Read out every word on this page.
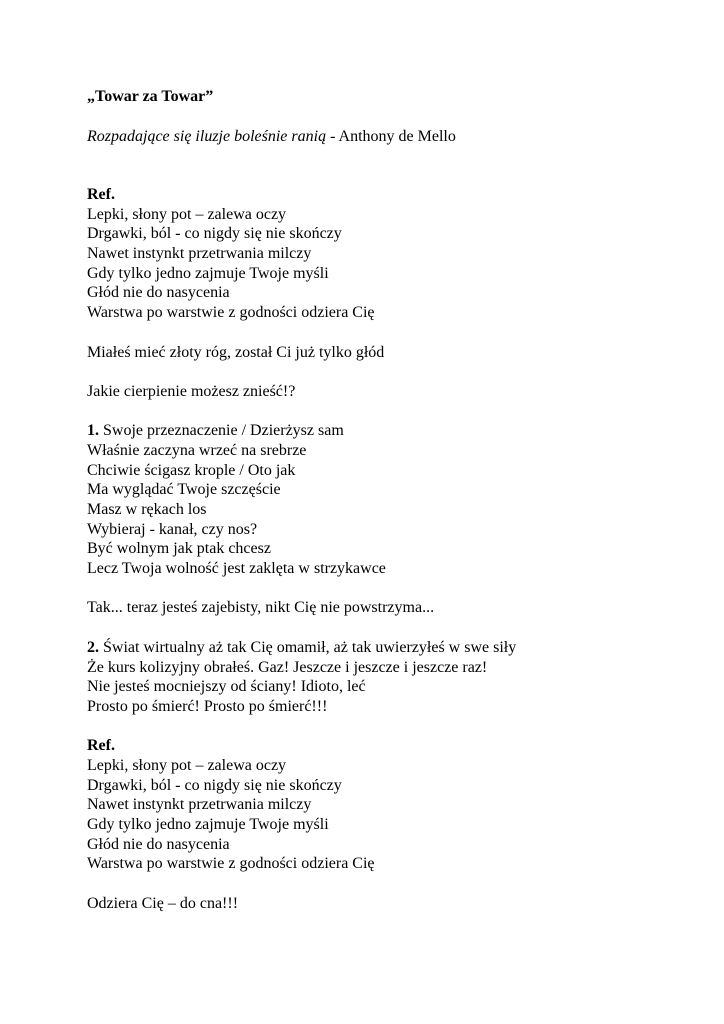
„Towar za Towar”
Rozpadające się iluzje boleśnie ranią - Anthony de Mello
Ref.
Lepki, słony pot – zalewa oczy
Drgawki, ból - co nigdy się nie skończy
Nawet instynkt przetrwania milczy
Gdy tylko jedno zajmuje Twoje myśli
Głód nie do nasycenia
Warstwa po warstwie z godności odziera Cię
Miałeś mieć złoty róg, został Ci już tylko głód
Jakie cierpienie możesz znieść!?
1. Swoje przeznaczenie / Dzierżysz sam
Właśnie zaczyna wrzeć na srebrze
Chciwie ścigasz krople / Oto jak
Ma wyglądać Twoje szczęście
Masz w rękach los
Wybieraj - kanał, czy nos?
Być wolnym jak ptak chcesz
Lecz Twoja wolność jest zaklęta w strzykawce
Tak... teraz jesteś zajebisty, nikt Cię nie powstrzyma...
2. Świat wirtualny aż tak Cię omamił, aż tak uwierzyłeś w swe siły
Że kurs kolizyjny obrałeś. Gaz! Jeszcze i jeszcze i jeszcze raz!
Nie jesteś mocniejszy od ściany! Idioto, leć
Prosto po śmierć! Prosto po śmierć!!!
Ref.
Lepki, słony pot – zalewa oczy
Drgawki, ból - co nigdy się nie skończy
Nawet instynkt przetrwania milczy
Gdy tylko jedno zajmuje Twoje myśli
Głód nie do nasycenia
Warstwa po warstwie z godności odziera Cię
Odziera Cię – do cna!!!
